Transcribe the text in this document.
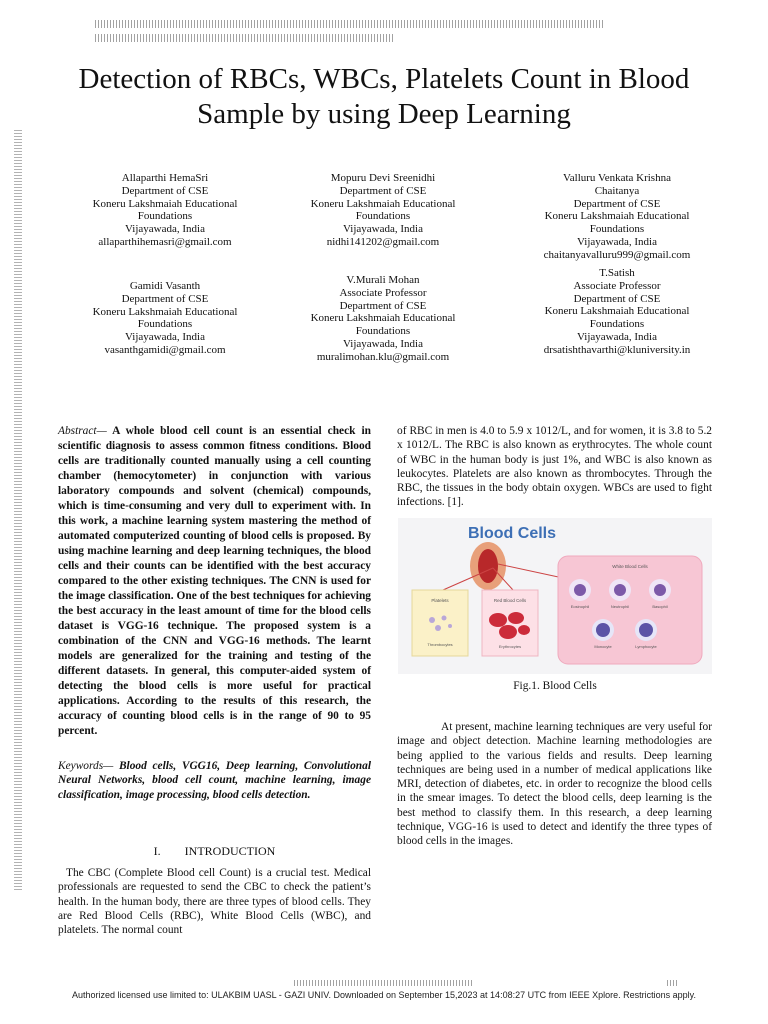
Detection of RBCs, WBCs, Platelets Count in Blood Sample by using Deep Learning
Allaparthi HemaSri
Department of CSE
Koneru Lakshmaiah Educational Foundations
Vijayawada, India
allaparthihemasri@gmail.com
Mopuru Devi Sreenidhi
Department of CSE
Koneru Lakshmaiah Educational Foundations
Vijayawada, India
nidhi141202@gmail.com
Valluru Venkata Krishna Chaitanya
Department of CSE
Koneru Lakshmaiah Educational Foundations
Vijayawada, India
chaitanyavalluru999@gmail.com
Gamidi Vasanth
Department of CSE
Koneru Lakshmaiah Educational Foundations
Vijayawada, India
vasanthgamidi@gmail.com
V.Murali Mohan
Associate Professor
Department of CSE
Koneru Lakshmaiah Educational Foundations
Vijayawada, India
muralimohan.klu@gmail.com
T.Satish
Associate Professor
Department of CSE
Koneru Lakshmaiah Educational Foundations
Vijayawada, India
drsatishthavarthi@kluniversity.in
Abstract— A whole blood cell count is an essential check in scientific diagnosis to assess common fitness conditions. Blood cells are traditionally counted manually using a cell counting chamber (hemocytometer) in conjunction with various laboratory compounds and solvent (chemical) compounds, which is time-consuming and very dull to experiment with. In this work, a machine learning system mastering the method of automated computerized counting of blood cells is proposed. By using machine learning and deep learning techniques, the blood cells and their counts can be identified with the best accuracy compared to the other existing techniques. The CNN is used for the image classification. One of the best techniques for achieving the best accuracy in the least amount of time for the blood cells dataset is VGG-16 technique. The proposed system is a combination of the CNN and VGG-16 methods. The learnt models are generalized for the training and testing of the different datasets. In general, this computer-aided system of detecting the blood cells is more useful for practical applications. According to the results of this research, the accuracy of counting blood cells is in the range of 90 to 95 percent.
Keywords— Blood cells, VGG16, Deep learning, Convolutional Neural Networks, blood cell count, machine learning, image classification, image processing, blood cells detection.
I. INTRODUCTION
The CBC (Complete Blood cell Count) is a crucial test. Medical professionals are requested to send the CBC to check the patient’s health. In the human body, there are three types of blood cells. They are Red Blood Cells (RBC), White Blood Cells (WBC), and platelets. The normal count
of RBC in men is 4.0 to 5.9 x 1012/L, and for women, it is 3.8 to 5.2 x 1012/L. The RBC is also known as erythrocytes. The whole count of WBC in the human body is just 1%, and WBC is also known as leukocytes. Platelets are also known as thrombocytes. Through the RBC, the tissues in the body obtain oxygen. WBCs are used to fight infections. [1].
Blood Cells
Platelets
Thrombocytes
Red Blood Cells
Erythrocytes
White Blood Cells
Eosinophil	Neutrophil	Basophil
Monocyte	Lymphocyte
Fig.1. Blood Cells
At present, machine learning techniques are very useful for image and object detection. Machine learning methodologies are being applied to the various fields and results. Deep learning techniques are being used in a number of medical applications like MRI, detection of diabetes, etc. in order to recognize the blood cells in the smear images. To detect the blood cells, deep learning is the best method to classify them. In this research, a deep learning technique, VGG-16 is used to detect and identify the three types of blood cells in the images.
Authorized licensed use limited to: ULAKBIM UASL - GAZI UNIV. Downloaded on September 15,2023 at 14:08:27 UTC from IEEE Xplore. Restrictions apply.
